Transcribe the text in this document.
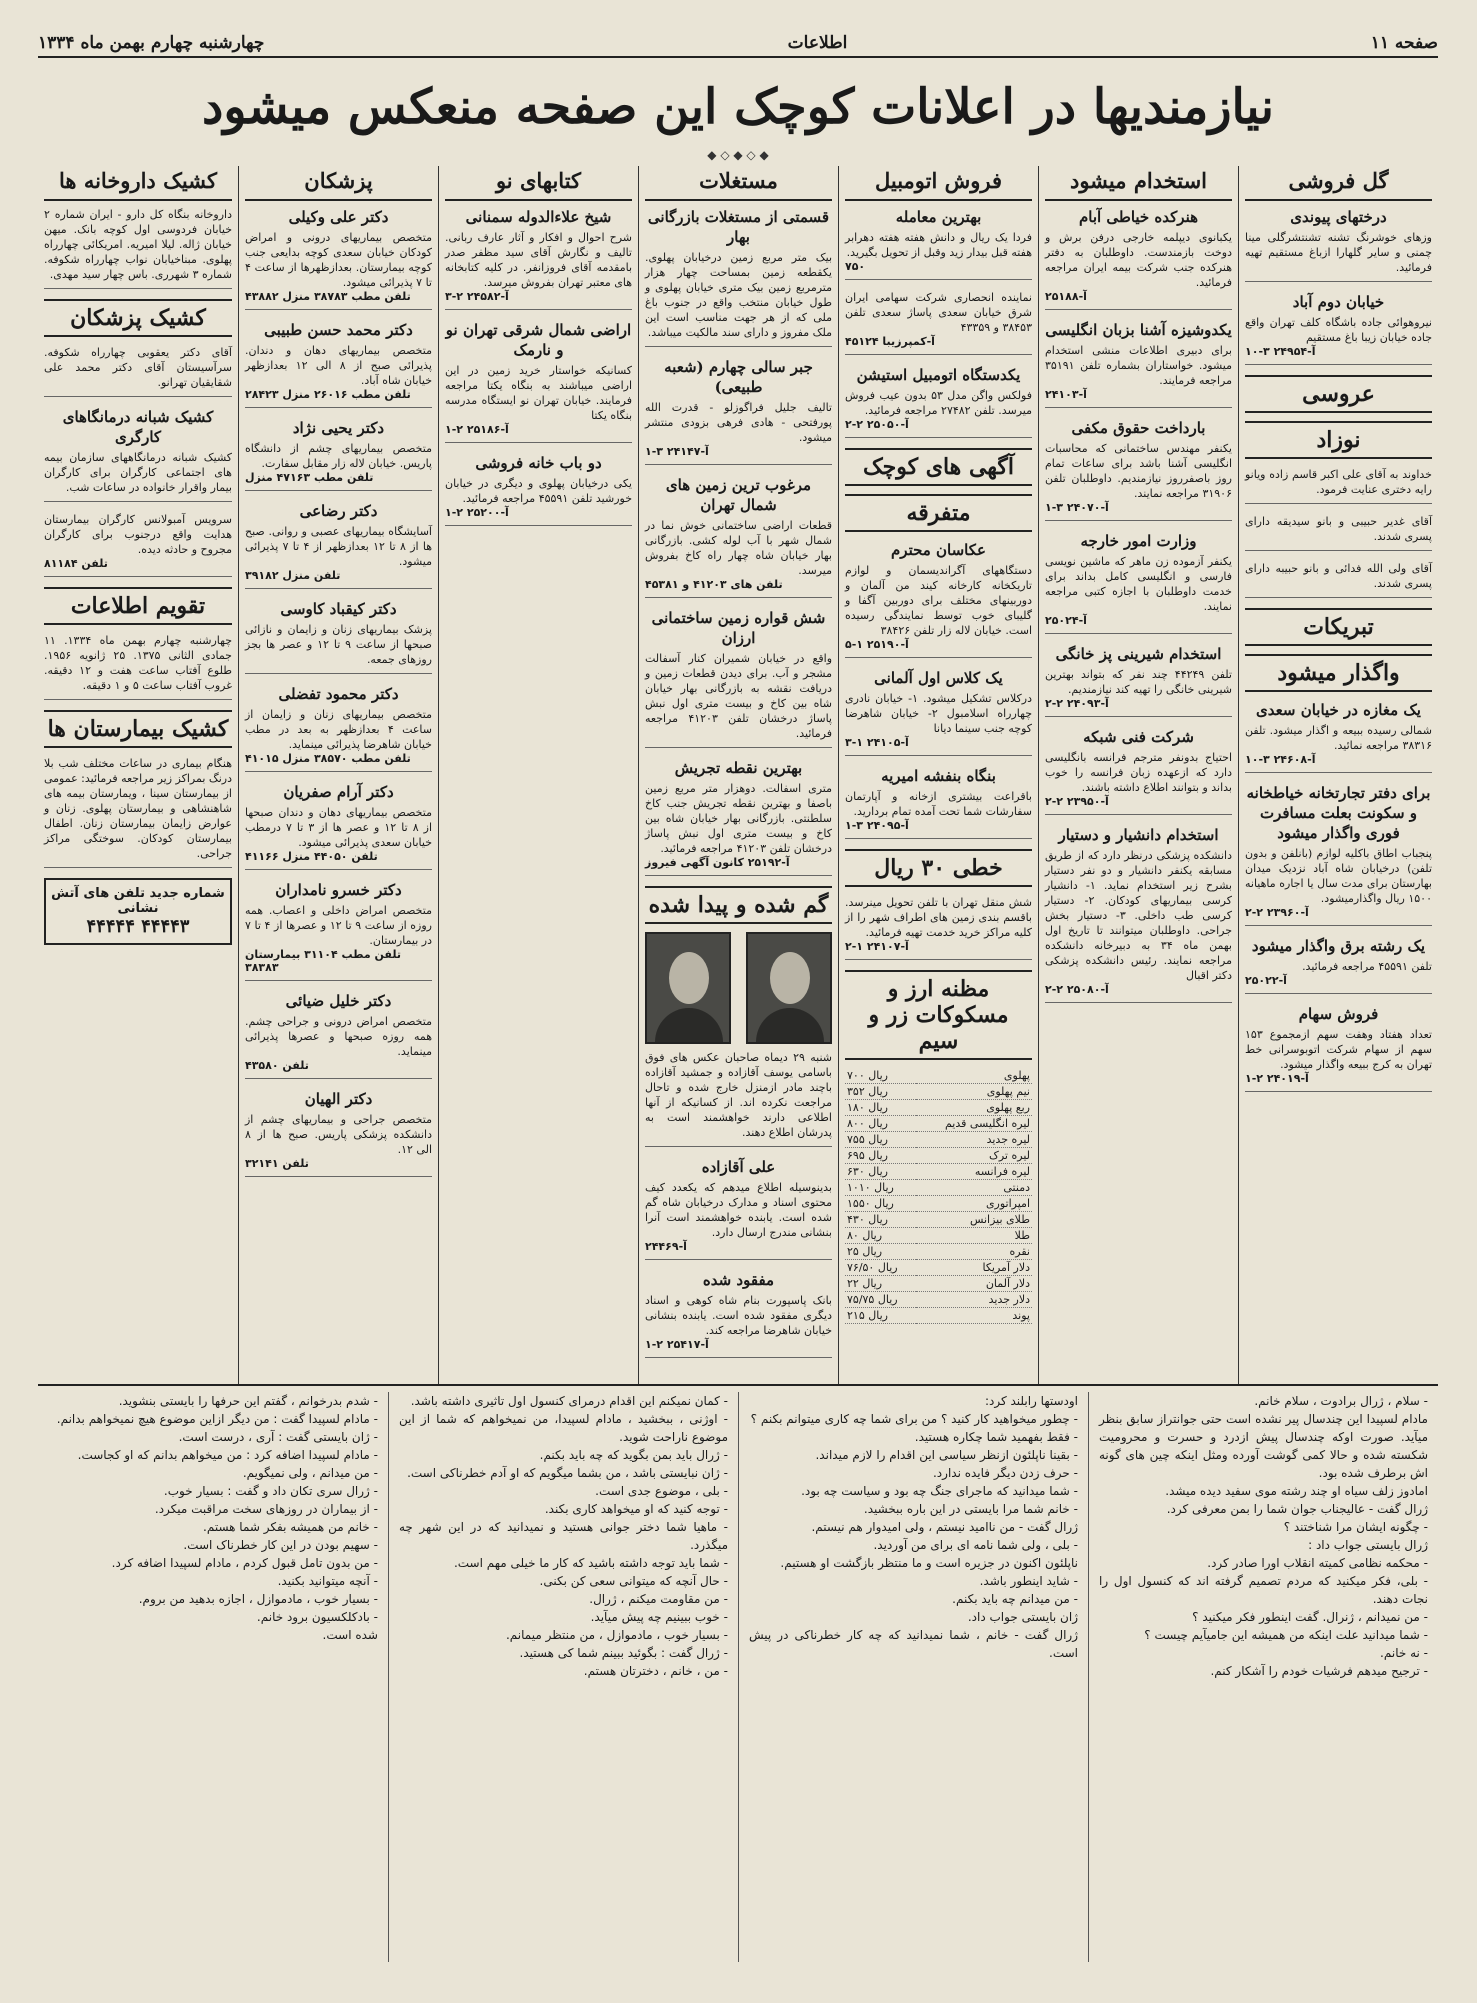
صفحه ۱۱
اطلاعات
چهارشنبه چهارم بهمن ماه ۱۳۳۴
نیازمندیها در اعلانات کوچک این صفحه منعکس میشود
◆ ◇ ◆ ◇ ◆
گل فروشی
درختهای پیوندی
وزهای خوشرنگ‌ تشنه تشنتشرگلی مینا چمنی و سایر گلهارا ازباغ مستقیم تهیه فرمائید.
خیابان دوم آباد
نیروهوائی جاده باشگاه کلف تهران واقع جاده خیابان زیبا باغ مستقیم
آ-۲۴۹۵۴ ۳-۱۰
عروسی
نوزاد
خداوند به آقای علی اکبر قاسم زاده ویانو رایه دختری عنایت فرمود.
آقای غدیر حبیبی و بانو سیدیقه دارای پسری شدند.
آقای ولی الله فدائی و بانو حبیبه دارای پسری شدند.
تبریکات
واگذار میشود
یک مغازه در خیابان سعدی
شمالی رسیده ببیعه و اگذار میشود. تلفن ۳۸۳۱۶ مراجعه نمائید.
آ-۲۴۶۰۸ ۳-۱۰
برای دفتر تجارتخانه خیاطخانه و سکونت بعلت مسافرت فوری واگذار میشود
پنجباب اطاق باکلیه لوازم (بانلفن و بدون تلفن) درخیابان شاه آباد نزدیک میدان بهارستان برای مدت سال یا اجاره ماهیانه ۱۵۰۰ ریال واگذارمیشود.
آ-۲۳۹۶۰ ۲-۲
یک رشته برق واگذار میشود
تلفن ۴۵۵۹۱ مراجعه فرمائید.
آ-۲۵۰۲۲
فروش سهام
تعداد هفتاد وهفت سهم ازمجموع ۱۵۳ سهم از سهام شرکت اتوبوسرانی خط تهران به کرج ببیعه واگذار میشود.
آ-۲۴۰۱۹ ۲-۱
استخدام میشود
هنرکده خیاطی آبام
یکبانوی دیپلمه خارجی درفن برش و دوخت بازمندست. داوطلبان به دفتر هنرکده جنب شرکت بیمه ایران مراجعه فرمائید.
آ-۲۵۱۸۸
یکدوشیزه آشنا بزبان انگلیسی
برای دبیری اطلاعات منشی استخدام میشود. خواستاران بشماره تلفن ۳۵۱۹۱ مراجعه فرمایند.
آ-۲۴۱۰۳
بارداخت حقوق مکفی
یکنفر مهندس ساختمانی که محاسبات انگلیسی آشنا باشد برای ساعات تمام روز باصفرروز نیازمندیم. داوطلبان تلفن ۳۱۹۰۶ مراجعه نمایند.
آ-۲۴۰۷۰ ۳-۱
وزارت امور خارجه
یکنفر آزموده زن ماهر که ماشین نویسی فارسی و انگلیسی کامل بداند برای خدمت داوطلبان با اجازه کتبی مراجعه نمایند.
آ-۲۵۰۲۴
استخدام شیرینی پز خانگی
تلفن ۴۴۲۴۹ چند نفر که بتواند بهترین شیرینی خانگی را تهیه کند نیازمندیم.
آ-۲۴۰۹۳ ۲-۲
شرکت فنی شبکه
احتیاج بدونفر مترجم فرانسه بانگلیسی دارد که ازعهده زبان فرانسه را خوب بداند و بتوانند اطلاع داشته باشند.
آ-۲۳۹۵۰ ۲-۲
استخدام دانشیار و دستیار
دانشکده پزشکی درنظر دارد که از طریق مسابقه یکنفر دانشیار و دو نفر دستیار بشرح زیر استخدام نماید. ۱- دانشیار کرسی بیماریهای کودکان. ۲- دستیار کرسی طب داخلی. ۳- دستیار بخش جراحی. داوطلبان میتوانند تا تاریخ اول بهمن ماه ۳۴ به دبیرخانه دانشکده مراجعه نمایند. رئیس دانشکده پزشکی دکتر اقبال
آ-۲۵۰۸۰ ۲-۲
فروش اتومبیل
بهترین معامله
فردا یک ریال و دانش هفته هفته دهرابر هفته قبل بیدار زید وقبل از تحویل بگیرید.
۷۵۰
نماینده انحصاری شرکت سهامی ایران شرق خیابان سعدی پاساژ سعدی تلفن ۳۸۴۵۳ و ۴۳۳۵۹
آ-کمپرزیبا ۴۵۱۲۴
یکدستگاه اتومبیل استیشن
فولکس واگن مدل ۵۳ بدون عیب فروش میرسد. تلفن ۲۷۴۸۲ مراجعه فرمائید.
آ-۲۵۰۵۰ ۲-۲
آگهی های کوچک
متفرقه
عکاسان محترم
دستگاههای آگراندیسمان و لوازم تاریکخانه کارخانه کیند من آلمان و دوربینهای مختلف برای دوربین آگفا و گلیبای خوب توسط نمایندگی رسیده است. خیابان لاله زار تلفن ۳۸۴۲۶
آ-۲۵۱۹۰ ۱-۵
یک کلاس اول آلمانی
درکلاس تشکیل میشود. ۱- خیابان نادری چهارراه اسلامبول ۲- خیابان شاهرضا کوچه جنب سینما دیانا
آ-۲۴۱۰۵ ۱-۳
بنگاه بنفشه امیریه
باقراعت بیشتری ازخانه و آپارتمان سفارشات شما تحت آمده تمام بردارید.
آ-۲۴۰۹۵ ۳-۱
خطی ۳۰ ریال
شش منقل تهران با تلفن تحویل مینرسد. باقسم بندی زمین های اطراف شهر را از کلیه مراکز خرید خدمت تهیه فرمائید.
آ-۲۴۱۰۷ ۱-۲
مظنه ارز و مسکوکات زر و سیم
پهلوی	۷۰۰ ریال
نیم پهلوی	۳۵۲ ریال
ربع پهلوی	۱۸۰ ریال
لیره انگلیسی قدیم	۸۰۰ ریال
لیره جدید	۷۵۵ ریال
لیره ترک	۶۹۵ ریال
لیره فرانسه	۶۳۰ ریال
دمنتی	۱۰۱۰ ریال
امپراتوری	۱۵۵۰ ریال
طلای بیزانس	۴۳۰ ریال
طلا	۸۰ ریال
نقره	۲۵ ریال
دلار آمریکا	۷۶/۵۰ ریال
دلار آلمان	۲۲ ریال
دلار جدید	۷۵/۷۵ ریال
پوند	۲۱۵ ریال
مستغلات
قسمتی از مستغلات بازرگانی بهار
بیک متر مربع زمین درخیابان پهلوی. یکقطعه زمین بمساحت چهار هزار مترمربع زمین بیک متری خیابان پهلوی و طول خیابان منتخب واقع در جنوب باغ ملی که از هر جهت مناسب است این ملک مفروز و دارای سند مالکیت میباشد.
جبر سالی چهارم (شعبه طبیعی)
تالیف جلیل فراگوزلو - قدرت الله پورفتحی - هادی فرهی بزودی منتشر میشود.
آ-۲۴۱۴۷ ۳-۱
مرغوب ترین زمین های شمال تهران
قطعات اراضی ساختمانی خوش نما در شمال شهر با آب لوله کشی. بازرگانی بهار خیابان شاه چهار راه کاخ بفروش میرسد.
تلفن های ۴۱۲۰۳ و ۴۵۳۸۱
شش قواره زمین ساختمانی ارزان
واقع در خیابان شمیران کنار آسفالت مشجر و آب. برای دیدن قطعات زمین و دریافت نقشه به بازرگانی بهار خیابان شاه بین کاخ و بیست متری اول نبش پاساژ درخشان تلفن ۴۱۲۰۳ مراجعه فرمائید.
بهترین نقطه تجریش
مترى اسفالت. دوهزار متر مربع زمین باصفا و بهترین نقطه تجریش جنب کاخ سلطنتی. بازرگانی بهار خیابان شاه بین کاخ و بیست متری اول نبش پاساژ درخشان تلفن ۴۱۲۰۳ مراجعه فرمائید.
آ-۲۵۱۹۲ کانون آگهی فیروز
گم شده و پیدا شده
شنبه ۲۹ دیماه صاحبان عکس های فوق باسامی یوسف آقازاده و جمشید آقازاده باچند مادر ازمنزل خارج شده و تاحال مراجعت نکرده اند. از کسانیکه از آنها اطلاعی دارند خواهشمند است به پدرشان اطلاع دهند.
علی آقازاده
بدینوسیله اطلاع میدهم که یکعدد کیف محتوی اسناد و مدارک درخیابان شاه گم شده است. یابنده خواهشمند است آنرا بنشانی مندرج ارسال دارد.
آ-۲۴۴۶۹
مفقود شده
بانک پاسپورت بنام شاه کوهی و اسناد دیگری مفقود شده است. یابنده بنشانی خیابان شاهرضا مراجعه کند.
آ-۲۵۴۱۷ ۲-۱
کتابهای نو
شیخ علاءالدوله سمنانی
شرح احوال و افکار و آثار عارف ربانی. تالیف و نگارش آقای سید مظفر صدر بامقدمه آقای فروزانفر. در کلیه کتابخانه های معتبر تهران بفروش میرسد.
آ-۲۴۵۸۲ ۲-۳
اراضی شمال شرقی تهران نو و نارمک
کسانیکه خواستار خرید زمین در این اراضی میباشند به بنگاه یکتا مراجعه فرمایند. خیابان تهران نو ایستگاه مدرسه بنگاه یکتا
آ-۲۵۱۸۶ ۲-۱
دو باب خانه فروشی
یکی درخیابان پهلوی و دیگری در خیابان خورشید تلفن ۴۵۵۹۱ مراجعه فرمائید.
آ-۲۵۲۰۰ ۲-۱
پزشکان
دکتر علی وکیلی
متخصص بیماریهای درونی و امراض کودکان خیابان سعدی کوچه بدایعی جنب کوچه بیمارستان. بعدازظهرها از ساعت ۴ تا ۷ پذیرائی میشود.
تلفن مطب ۳۸۷۸۳ منزل ۴۳۸۸۲
دکتر محمد حسن طبیبی
متخصص بیماریهای دهان و دندان. پذیرائی صبح از ۸ الی ۱۲ بعدازظهر خیابان شاه آباد.
تلفن مطب ۲۶۰۱۶ منزل ۲۸۴۲۳
دکتر یحیی نژاد
متخصص بیماریهای چشم از دانشگاه پاریس. خیابان لاله زار مقابل سفارت.
تلفن مطب ۴۷۱۶۳ منزل
دکتر رضاعی
آسایشگاه بیماریهای عصبی و روانی. صبح ها از ۸ تا ۱۲ بعدازظهر از ۴ تا ۷ پذیرائی میشود.
تلفن منزل ۳۹۱۸۲
دکتر کیقباد کاوسی
پزشک بیماریهای زنان و زایمان و نازائی صبحها از ساعت ۹ تا ۱۲ و عصر ها بجز روزهای جمعه.
دکتر محمود تفضلی
متخصص بیماریهای زنان و زایمان از ساعت ۴ بعدازظهر به بعد در مطب خیابان شاهرضا پذیرائی مینماید.
تلفن مطب ۳۸۵۷۰ منزل ۴۱۰۱۵
دکتر آرام صفریان
متخصص بیماریهای دهان و دندان صبحها از ۸ تا ۱۲ و عصر ها از ۳ تا ۷ درمطب خیابان سعدی پذیرائی میشود.
تلفن ۴۴۰۵۰ منزل ۴۱۱۶۶
دکتر خسرو نامداران
متخصص امراض داخلی و اعصاب. همه روزه از ساعت ۹ تا ۱۲ و عصرها از ۴ تا ۷ در بیمارستان.
تلفن مطب ۳۱۱۰۴ بیمارستان ۳۸۳۸۳
دکتر خلیل ضیائی
متخصص امراض درونی و جراحی چشم. همه روزه صبحها و عصرها پذیرائی مینماید.
تلفن ۴۳۵۸۰
دکتر الهیان
متخصص جراحی و بیماریهای چشم از دانشکده پزشکی پاریس. صبح ها از ۸ الی ۱۲.
تلفن ۳۲۱۴۱
کشیک داروخانه ها
داروخانه بنگاه کل دارو - ایران شماره ۲ خیابان فردوسی اول کوچه بانک. میهن خیابان ژاله. لیلا امیریه. امریکائی چهارراه پهلوی. مبناخیابان نواب چهارراه شکوفه. شماره ۳ شهرری. باس چهار سید مهدی.
کشیک پزشکان
آقای دکتر یعقوبی چهارراه شکوفه. سرآسیستان آقای دکتر محمد علی شقایقیان تهرانو.
کشیک شبانه درمانگاهای کارگری
کشیک شبانه درمانگاههای سازمان بیمه های اجتماعی کارگران برای کارگران بیمار واقرار خانواده در ساعات شب.
سرویس آمبولانس کارگران بیمارستان هدایت واقع درجنوب برای کارگران مجروح و حادثه دیده.
تلفن ۸۱۱۸۴
تقویم اطلاعات
چهارشنبه چهارم بهمن ماه ۱۳۳۴. ۱۱ جمادی الثانی ۱۳۷۵. ۲۵ ژانویه ۱۹۵۶. طلوع آفتاب ساعت هفت و ۱۲ دقیقه. غروب آفتاب ساعت ۵ و ۱ دقیقه.
کشیک بیمارستان ها
هنگام بیماری در ساعات مختلف شب بلا درنگ بمراکز زیر مراجعه فرمائید: عمومی از بیمارستان سینا ، ویمارستان بیمه های شاهنشاهی و بیمارستان پهلوی. زنان و عوارض زایمان بیمارستان زنان. اطفال بیمارستان کودکان. سوختگی مراکز جراحی.
شماره جدید تلفن های آتش نشانی
۴۴۴۴۴ ۴۴۴۴۳

- سلام ، ژرال برادوت ، سلام خانم.

مادام لسپیدا این چندسال پیر نشده است حتی جوانتراز سابق بنظر میآید. صورت اوکه چندسال پیش ازدرد و حسرت و محرومیت شکسته شده و حالا کمی گوشت آورده ومثل اینکه چین های گونه اش برطرف شده بود.

امادوز زلف سیاه او چند رشته موی سفید دیده میشد.

ژرال گفت - عالیجناب جوان شما را بمن معرفی کرد.

- چگونه ایشان مرا شناختند ؟

ژرال بایستی جواب داد :

- محکمه نظامی کمیته انقلاب اورا صادر کرد.

- بلی، فکر میکنید که مردم تصمیم گرفته اند که کنسول اول را نجات دهند.

- من نمیدانم ، ژنرال. گفت اینطور فکر میکنید ؟

- شما میدانید علت اینکه من همیشه این جامیآیم چیست ؟

- نه خانم.

- ترجیح میدهم فرشیات خودم را آشکار کنم.

اودستها رابلند کرد:

- چطور میخواهید کار کنید ؟ من برای شما چه کاری میتوانم بکنم ؟

- فقط بفهمید شما چکاره هستید.

- بقینا ناپلئون ازنظر سیاسی این اقدام را لازم میداند.

- حرف زدن دیگر فایده ندارد.

- شما میدانید که ماجرای جنگ چه بود و سیاست چه بود.

- خانم شما مرا بایستی در این باره ببخشید.

ژرال گفت - من ناامید نیستم ، ولی امیدوار هم نیستم.

- بلی ، ولی شما نامه ای برای من آوردید.

ناپلئون اکنون در جزیره است و ما منتظر بازگشت او هستیم.

- شاید اینطور باشد.

- من میدانم چه باید بکنم.

ژان بایستی جواب داد.

ژرال گفت - خانم ، شما نمیدانید که چه کار خطرناکی در پیش است.

- کمان نمیکنم این اقدام درمرای کنسول اول تاثیری داشته باشد.

- اوژنی ، ببخشید ، مادام لسپیدا، من نمیخواهم که شما از این موضوع ناراحت شوید.

- ژرال باید بمن بگوید که چه باید بکنم.

- ژان نبایستی باشد ، من بشما میگویم که او آدم خطرناکی است.

- بلی ، موضوع جدی است.

- توجه کنید که او میخواهد کاری بکند.

- ماهیا شما دختر جوانی هستید و نمیدانید که در این شهر چه میگذرد.

- شما باید توجه داشته باشید که کار ما خیلی مهم است.

- حال آنچه که میتوانی سعی کن بکنی.

- من مقاومت میکنم ، ژرال.

- خوب ببینیم چه پیش میآید.

- بسیار خوب ، مادموازل ، من منتظر میمانم.

- ژرال گفت : بگوئید ببینم شما کی هستید.

- من ، خانم ، دخترتان هستم.

- شدم بدرخوانم ، گفتم این حرفها را بایستی بنشوید.

- مادام لسپیدا گفت : من دیگر ازاین موضوع هیچ نمیخواهم بدانم.

- ژان بایستی گفت : آری ، درست است.

- مادام لسپیدا اضافه کرد : من میخواهم بدانم که او کجاست.

- من میدانم ، ولی نمیگویم.

- ژرال سری تکان داد و گفت : بسیار خوب.

- از بیماران در روزهای سخت مراقبت میکرد.

- خانم من همیشه بفکر شما هستم.

- سهیم بودن در این کار خطرناک است.

- من بدون تامل قبول کردم ، مادام لسپیدا اضافه کرد.

- آنچه میتوانید بکنید.

- بسیار خوب ، مادموازل ، اجازه بدهید من بروم.

- بادکلکسیون برود خانم.

شده است.
